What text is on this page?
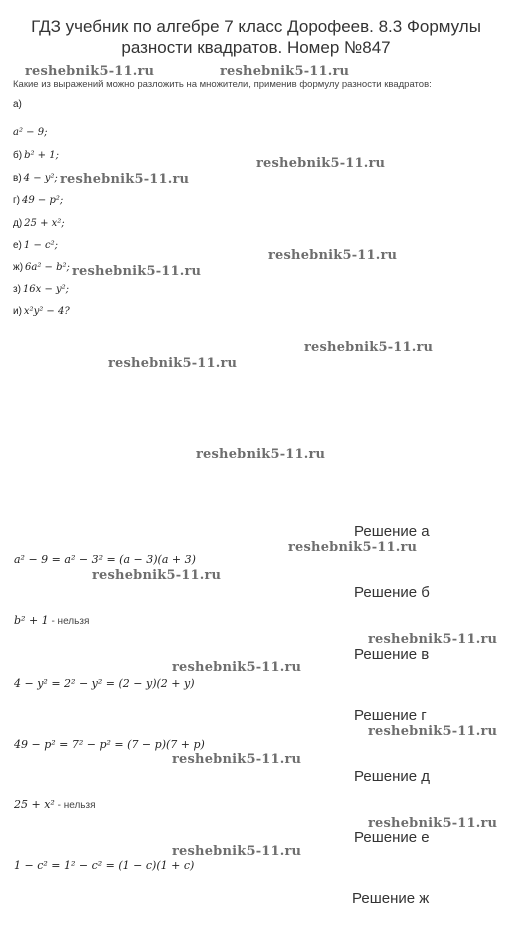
ГДЗ учебник по алгебре 7 класс Дорофеев. 8.3 Формулы разности квадратов. Номер №847
Какие из выражений можно разложить на множители, применив формулу разности квадратов:
а)
a² − 9;
б) b² + 1;
в) 4 − y²;
г) 49 − p²;
д) 25 + x²;
е) 1 − c²;
ж) 6a² − b²;
з) 16x − y²;
и) x²y² − 4?
Решение а
a² − 9 = a² − 3² = (a − 3)(a + 3)
Решение б
b² + 1 - нельзя
Решение в
4 − y² = 2² − y² = (2 − y)(2 + y)
Решение г
49 − p² = 7² − p² = (7 − p)(7 + p)
Решение д
25 + x² - нельзя
Решение е
1 − c² = 1² − c² = (1 − c)(1 + c)
Решение ж
reshebnik5-11.ru	reshebnik5-11.ru
reshebnik5-11.ru
reshebnik5-11.ru
reshebnik5-11.ru
reshebnik5-11.ru
reshebnik5-11.ru
reshebnik5-11.ru
reshebnik5-11.ru
reshebnik5-11.ru
reshebnik5-11.ru
reshebnik5-11.ru
reshebnik5-11.ru
reshebnik5-11.ru
reshebnik5-11.ru
reshebnik5-11.ru
reshebnik5-11.ru
